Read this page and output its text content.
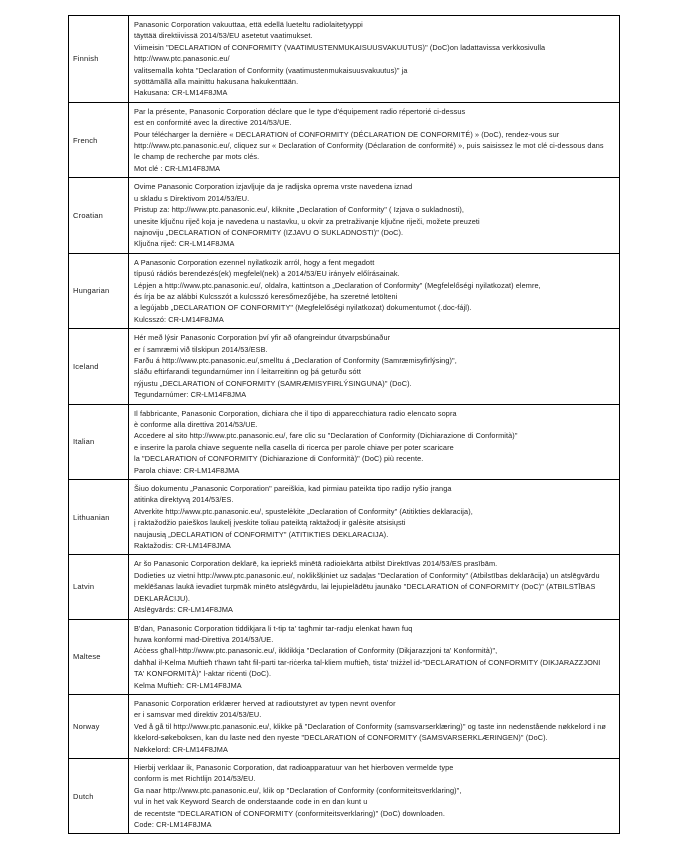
Finnish	
Panasonic Corporation vakuuttaa, että edellä lueteltu radiolaitetyyppi
täyttää direktiivissä 2014/53/EU asetetut vaatimukset.
Viimeisin "DECLARATION of CONFORMITY (VAATIMUSTENMUKAISUUSVAKUUTUS)" (DoC)on ladattavissa verkkosivulla
http://www.ptc.panasonic.eu/
valitsemalla kohta "Declaration of Conformity (vaatimustenmukaisuusvakuutus)" ja
syöttämällä alla mainittu hakusana hakukenttään.
Hakusana: CR-LM14F8JMA

French	
Par la présente, Panasonic Corporation déclare que le type d'équipement radio répertorié ci-dessus
est en conformité avec la directive 2014/53/UE.
Pour télécharger la dernière « DECLARATION of CONFORMITY (DÉCLARATION DE CONFORMITÉ) » (DoC), rendez-vous sur
http://www.ptc.panasonic.eu/, cliquez sur « Declaration of Conformity (Déclaration de conformité) », puis saisissez le mot clé ci-dessous dans
le champ de recherche par mots clés.
Mot clé : CR-LM14F8JMA

Croatian	
Ovime Panasonic Corporation izjavljuje da je radijska oprema vrste navedena iznad
u skladu s Direktivom 2014/53/EU.
Pristup za: http://www.ptc.panasonic.eu/, kliknite „Declaration of Conformity" ( Izjava o sukladnosti),
unesite ključnu riječ koja je navedena u nastavku, u okvir za pretraživanje ključne riječi, možete preuzeti
najnoviju „DECLARATION of CONFORMITY (IZJAVU O SUKLADNOSTI)" (DoC).
Ključna riječ: CR-LM14F8JMA

Hungarian	
A Panasonic Corporation ezennel nyilatkozik arról, hogy a fent megadott
típusú rádiós berendezés(ek) megfelel(nek) a 2014/53/EU irányelv előírásainak.
Lépjen a http://www.ptc.panasonic.eu/, oldalra, kattintson a „Declaration of Conformity" (Megfelelőségi nyilatkozat) elemre,
és írja be az alábbi Kulcsszót a kulcsszó keresőmezőjébe, ha szeretné letölteni
a legújabb „DECLARATION OF CONFORMITY" (Megfelelőségi nyilatkozat) dokumentumot (.doc-fájl).
Kulcsszó: CR-LM14F8JMA

Iceland	
Hér með lýsir Panasonic Corporation því yfir að ofangreindur útvarpsbúnaður
er í samræmi við tilskipun 2014/53/ESB.
Farðu á http://www.ptc.panasonic.eu/,smelltu á „Declaration of Conformity (Samræmisyfirlýsing)",
sláðu eftirfarandi tegundarnúmer inn í leitarreitinn og þá geturðu sótt
nýjustu „DECLARATION of CONFORMITY (SAMRÆMISYFIRLÝSINGUNA)" (DoC).
Tegundarnúmer: CR-LM14F8JMA

Italian	
Il fabbricante, Panasonic Corporation, dichiara che il tipo di apparecchiatura radio elencato sopra
è conforme alla direttiva 2014/53/UE.
Accedere al sito http://www.ptc.panasonic.eu/, fare clic su "Declaration of Conformity (Dichiarazione di Conformità)"
e inserire la parola chiave seguente nella casella di ricerca per parole chiave per poter scaricare
la "DECLARATION of CONFORMITY (Dichiarazione di Conformità)" (DoC) più recente.
Parola chiave: CR-LM14F8JMA

Lithuanian	
Šiuo dokumentu „Panasonic Corporation" pareiškia, kad pirmiau pateikta tipo radijo ryšio įranga
atitinka direktyvą 2014/53/ES.
Atverkite http://www.ptc.panasonic.eu/, spustelėkite „Declaration of Conformity" (Atitikties deklaracija),
į raktažodžio paieškos laukelį įveskite toliau pateiktą raktažodį ir galėsite atsisiųsti
naujausią „DECLARATION of CONFORMITY" (ATITIKTIES DEKLARACIJA).
Raktažodis: CR-LM14F8JMA

Latvin	Ar šo Panasonic Corporation deklarē, ka iepriekš minētā radioiekārta atbilst Direktīvas 2014/53/ES prasībām.
Dodieties uz vietni http://www.ptc.panasonic.eu/, noklikšķiniet uz sadaļas "Declaration of Conformity" (Atbilstības deklarācija) un atslēgvārdu
meklēšanas laukā ievadiet turpmāk minēto atslēgvārdu, lai lejupielādētu jaunāko "DECLARATION of CONFORMITY (DoC)" (ATBILSTĪBAS
DEKLARĀCIJU).
Atslēgvārds: CR-LM14F8JMA

Maltese	
B'dan, Panasonic Corporation tiddikjara li t-tip ta' tagħmir tar-radju elenkat hawn fuq
huwa konformi mad-Direttiva 2014/53/UE.
Aċċess għall-http://www.ptc.panasonic.eu/, ikklikkja "Declaration of Conformity (Dikjarazzjoni ta' Konformità)",
daħħal il-Kelma Muftieħ t'hawn taħt fil-parti tar-riċerka tal-kliem muftieħ, tista' tniżżel id-"DECLARATION of CONFORMITY (DIKJARAZZJONI
TA' KONFORMITÀ)" l-aktar riċenti (DoC).
Kelma Muftieħ: CR-LM14F8JMA

Norway	Panasonic Corporation erklærer herved at radioutstyret av typen nevnt ovenfor
er i samsvar med direktiv 2014/53/EU.
Ved å gå til http://www.ptc.panasonic.eu/, klikke på "Declaration of Conformity (samsvarserklæring)" og taste inn nedenstående nøkkelord i nø
kkelord-søkeboksen, kan du laste ned den nyeste "DECLARATION of CONFORMITY (SAMSVARSERKLÆRINGEN)" (DoC).
Nøkkelord: CR-LM14F8JMA

Dutch	
Hierbij verklaar ik, Panasonic Corporation, dat radioapparatuur van het hierboven vermelde type
conform is met Richtlijn 2014/53/EU.
Ga naar http://www.ptc.panasonic.eu/, klik op "Declaration of Conformity (conformiteitsverklaring)",
vul in het vak Keyword Search de onderstaande code in en dan kunt u
de recentste "DECLARATION of CONFORMITY (conformiteitsverklaring)" (DoC) downloaden.
Code: CR-LM14F8JMA
